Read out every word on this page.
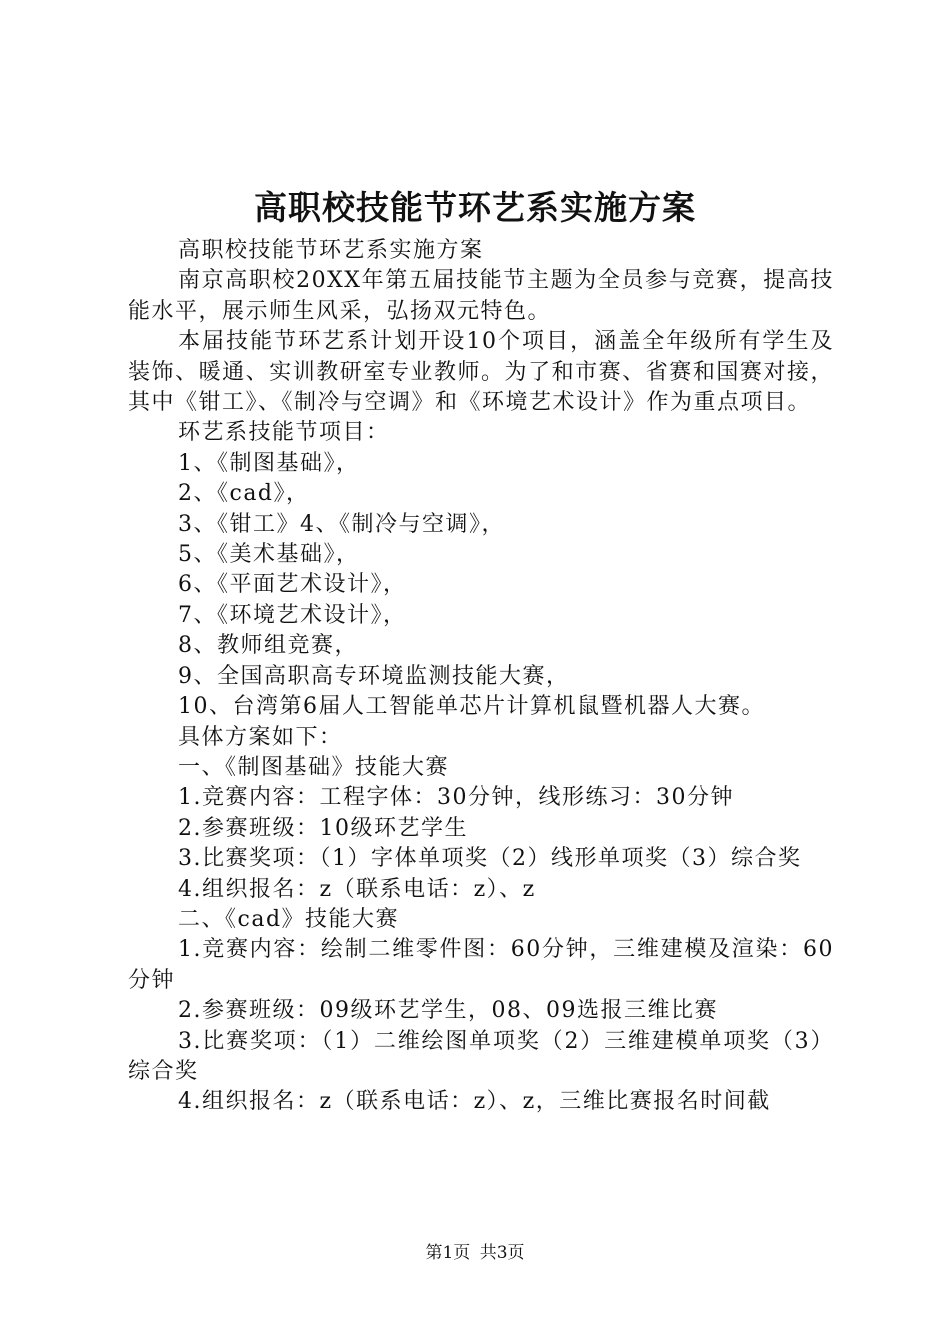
高职校技能节环艺系实施方案

高职校技能节环艺系实施方案

南京高职校20XX年第五届技能节主题为全员参与竞赛，提高技能水平，展示师生风采，弘扬双元特色。

本届技能节环艺系计划开设10个项目，涵盖全年级所有学生及装饰、暖通、实训教研室专业教师。为了和市赛、省赛和国赛对接，其中《钳工》、《制冷与空调》和《环境艺术设计》作为重点项目。

环艺系技能节项目：

1、《制图基础》，

2、《cad》，

3、《钳工》4、《制冷与空调》，

5、《美术基础》，

6、《平面艺术设计》，

7、《环境艺术设计》，

8、教师组竞赛，

9、全国高职高专环境监测技能大赛，

10、台湾第6届人工智能单芯片计算机鼠暨机器人大赛。

具体方案如下：

一、《制图基础》技能大赛

1.竞赛内容：工程字体：30分钟，线形练习：30分钟

2.参赛班级：10级环艺学生

3.比赛奖项：（1）字体单项奖（2）线形单项奖（3）综合奖

4.组织报名：z（联系电话：z）、z

二、《cad》技能大赛

1.竞赛内容：绘制二维零件图：60分钟，三维建模及渲染：60分钟

2.参赛班级：09级环艺学生，08、09选报三维比赛

3.比赛奖项：（1）二维绘图单项奖（2）三维建模单项奖（3）综合奖

4.组织报名：z（联系电话：z）、z，三维比赛报名时间截

第1页 共3页
